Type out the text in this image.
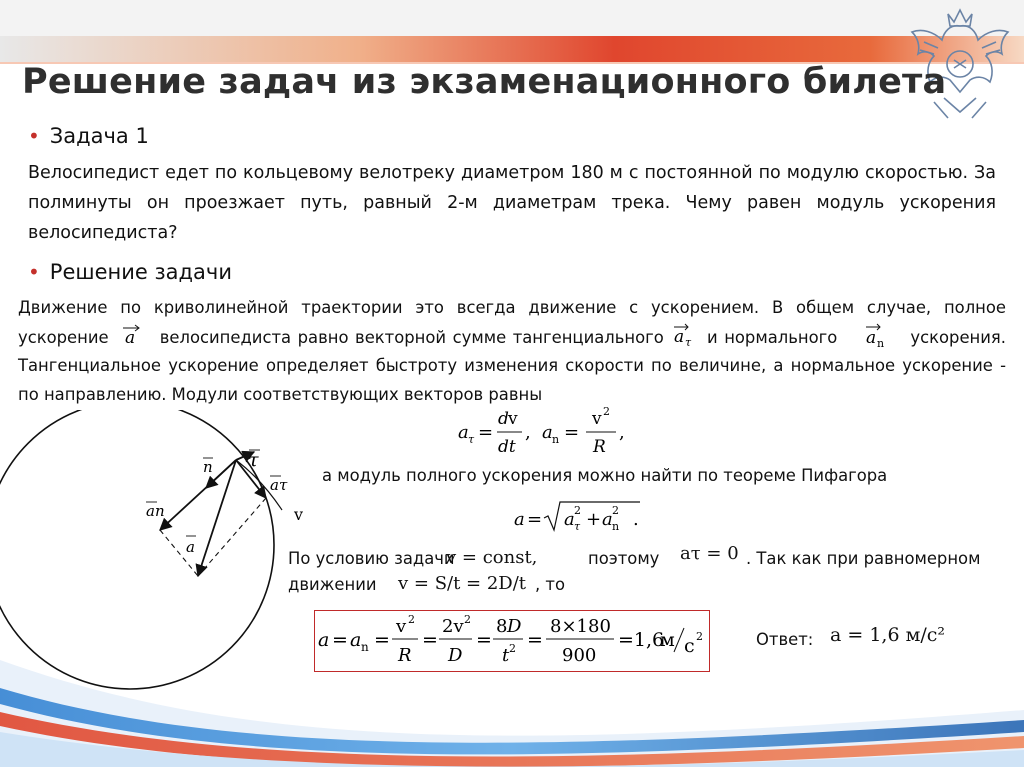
Решение задач из экзаменационного билета
• Задача 1
Велосипедист едет по кольцевому велотреку диаметром 180 м с постоянной по модулю скоростью. За полминуты он проезжает путь, равный 2-м диаметрам трека. Чему равен модуль ускорения велосипедиста?
• Решение задачи
Движение по криволинейной траектории это всегда движение с ускорением. В общем случае, полное ускорение a велосипедиста равно векторной сумме тангенциального a τ и нормального a n ускорения. Тангенциальное ускорение определяет быстроту изменения скорости по величине, а нормальное ускорение - по направлению. Модули соответствующих векторов равны
a τ =
d v
dt
, a n =
v 2
R
,
а модуль полного ускорения можно найти по теореме Пифагора
a = a 2
τ + a 2
n .
По условию задачи
v = const,	поэтому aτ = 0 . Так как при равномерном
движении v = S/t = 2D/t , то
a = a n =
v 2
R
=
2v 2
D
=
8 D
t 2 =
8×180
900
=1,6
м с 2	Ответ: a = 1,6 м/с²
n τ
aτ
v
an
a
